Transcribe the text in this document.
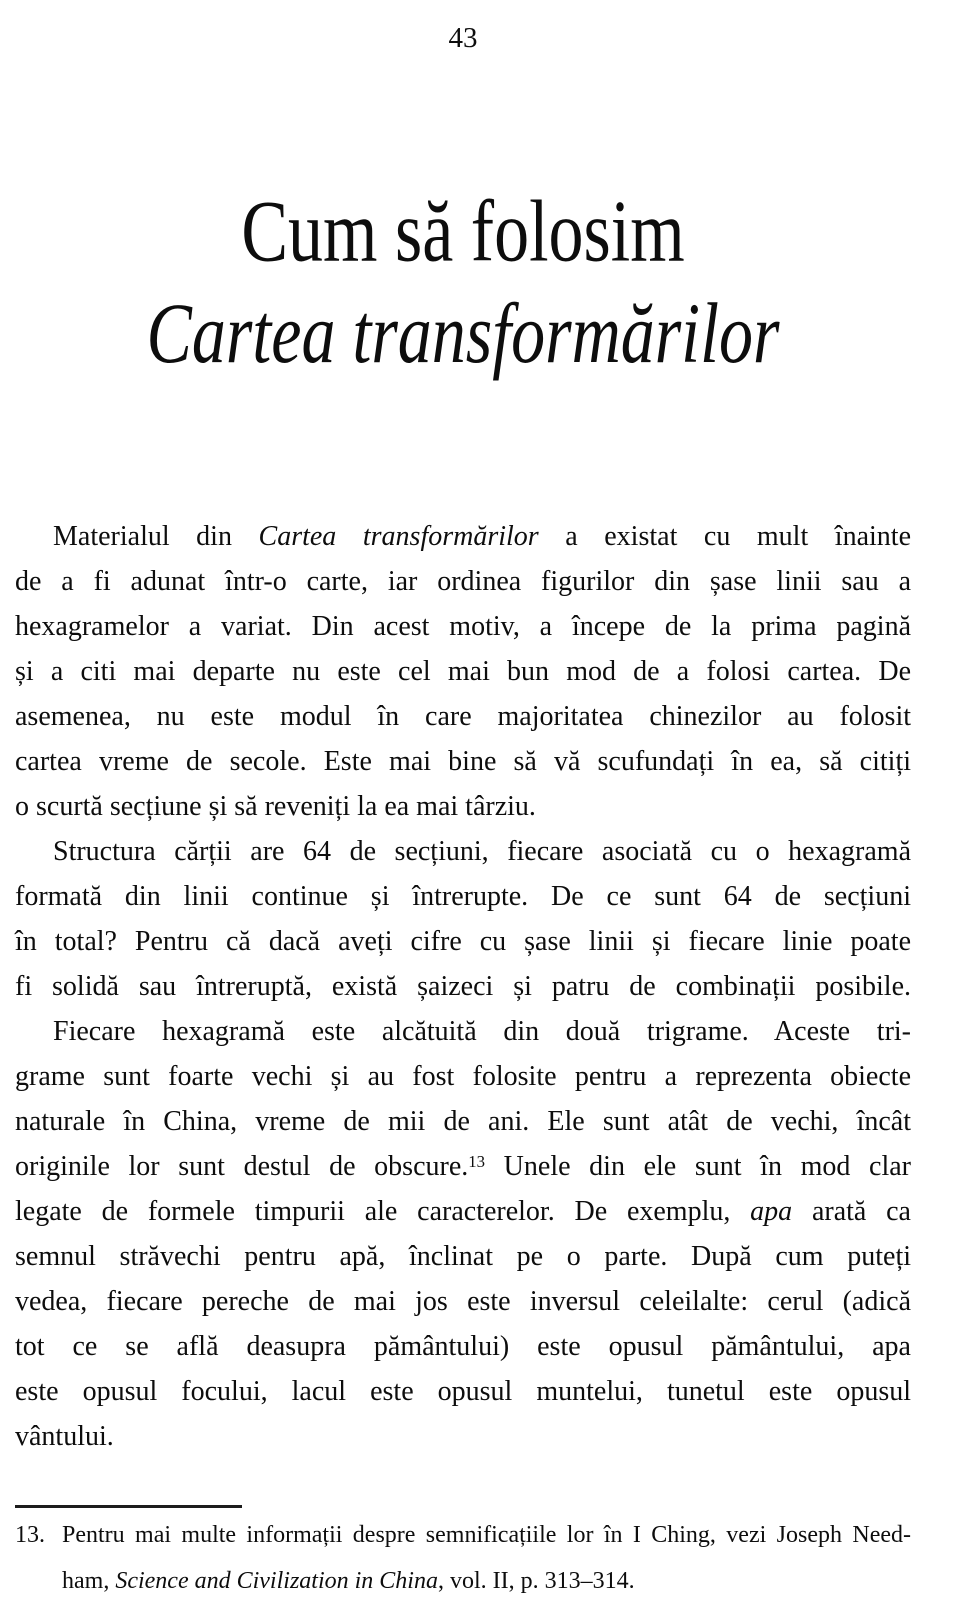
43
Cum să folosim
Cartea transformărilor
Materialul din Cartea transformărilor a existat cu mult înainte
de a fi adunat într-o carte, iar ordinea figurilor din șase linii sau a
hexagramelor a variat. Din acest motiv, a începe de la prima pagină
și a citi mai departe nu este cel mai bun mod de a folosi cartea. De
asemenea, nu este modul în care majoritatea chinezilor au folosit
cartea vreme de secole. Este mai bine să vă scufundați în ea, să citiți
o scurtă secțiune și să reveniți la ea mai târziu.
Structura cărții are 64 de secțiuni, fiecare asociată cu o hexagramă
formată din linii continue și întrerupte. De ce sunt 64 de secțiuni
în total? Pentru că dacă aveți cifre cu șase linii și fiecare linie poate
fi solidă sau întreruptă, există șaizeci și patru de combinații posibile.
Fiecare hexagramă este alcătuită din două trigrame. Aceste tri-
grame sunt foarte vechi și au fost folosite pentru a reprezenta obiecte
naturale în China, vreme de mii de ani. Ele sunt atât de vechi, încât
originile lor sunt destul de obscure.$^{13}$ Unele din ele sunt în mod clar
legate de formele timpurii ale caracterelor. De exemplu, apa arată ca
semnul străvechi pentru apă, înclinat pe o parte. După cum puteți
vedea, fiecare pereche de mai jos este inversul celeilalte: cerul (adică
tot ce se află deasupra pământului) este opusul pământului, apa
este opusul focului, lacul este opusul muntelui, tunetul este opusul
vântului.
13. Pentru mai multe informații despre semnificațiile lor în I Ching, vezi Joseph Need-
ham, Science and Civilization in China, vol. II, p. 313–314.
